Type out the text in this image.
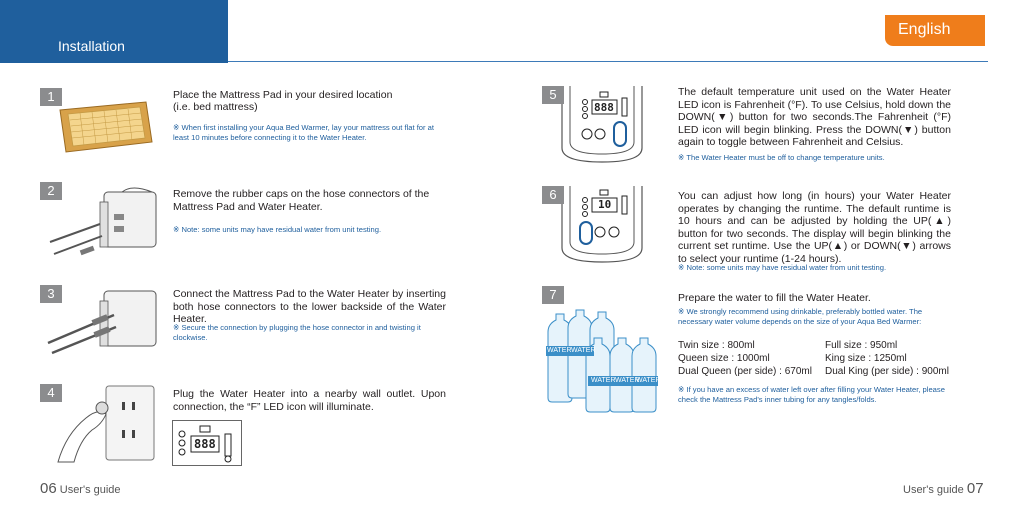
Installation
English
1	Place the Mattress Pad in your desired location
(i.e. bed mattress)
※ When first installing your Aqua Bed Warmer, lay your mattress out flat for at least 10 minutes before connecting it to the Water Heater.
2	Remove the rubber caps on the hose connectors of the Mattress Pad and Water Heater.
※ Note: some units may have residual water from unit testing.
3	Connect the Mattress Pad to the Water Heater by inserting both hose connectors to the lower backside of the Water Heater.
※ Secure the connection by plugging the hose connector in and twisting it clockwise.
4	Plug the Water Heater into a nearby wall outlet. Upon connection, the “F” LED icon will illuminate.
888
5
888
The default temperature unit used on the Water Heater LED icon is Fahrenheit (°F). To use Celsius, hold down the DOWN(▼) button for two seconds.The Fahrenheit (°F) LED icon will begin blinking. Press the DOWN(▼) button again to toggle between Fahrenheit and Celsius.
※ The Water Heater must be off to change temperature units.
6
10
You can adjust how long (in hours) your Water Heater operates by changing the runtime. The default runtime is 10 hours and can be adjusted by holding the UP(▲) button for two seconds. The display will begin blinking the current set runtime. Use the UP(▲) or DOWN(▼) arrows to select your runtime (1-24 hours).
※ Note: some units may have residual water from unit testing.
7
WATER WATER
WATER WATER
WATER
Prepare the water to fill the Water Heater.
※ We strongly recommend using drinkable, preferably bottled water. The necessary water volume depends on the size of your Aqua Bed Warmer:
Twin size : 800ml	Full size : 950ml
Queen size : 1000ml	King size : 1250ml
Dual Queen (per side) : 670ml	Dual King (per side) : 900ml
※ If you have an excess of water left over after filling your Water Heater, please check the Mattress Pad's inner tubing for any tangles/folds.
06 User's guide	User's guide 07
